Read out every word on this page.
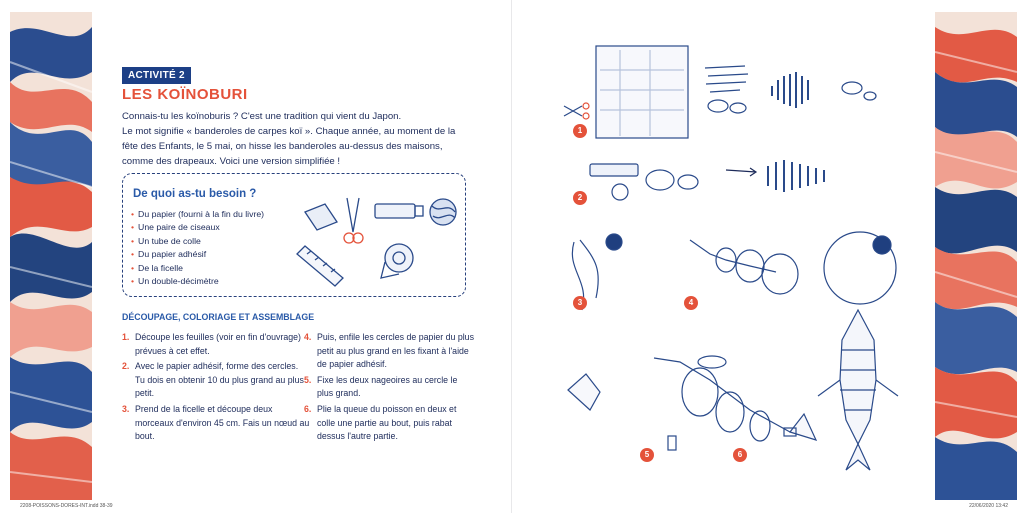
ACTIVITÉ 2
LES KOÏNOBURI

Connais-tu les koïnoburis ? C'est une tradition qui vient du Japon.

Le mot signifie « banderoles de carpes koï ». Chaque année, au moment de la fête des Enfants, le 5 mai, on hisse les banderoles au-dessus des maisons, comme des drapeaux. Voici une version simplifiée !

De quoi as-tu besoin ?
• Du papier (fourni à la fin du livre)
• Une paire de ciseaux
• Un tube de colle
• Du papier adhésif
• De la ficelle
• Un double-décimètre
DÉCOUPAGE, COLORIAGE ET ASSEMBLAGE
1. Découpe les feuilles (voir en fin d'ouvrage) prévues à cet effet.
2. Avec le papier adhésif, forme des cercles. Tu dois en obtenir 10 du plus grand au plus petit.
3. Prend de la ficelle et découpe deux morceaux d'environ 45 cm. Fais un nœud au bout.
4. Puis, enfile les cercles de papier du plus petit au plus grand en les fixant à l'aide de papier adhésif.
5. Fixe les deux nageoires au cercle le plus grand.
6. Plie la queue du poisson en deux et colle une partie au bout, puis rabat dessus l'autre partie.
2208-POISSONS-DORES-INT.indd 38-39	22/06/2020 13:42
1
2
3	4
5	6
